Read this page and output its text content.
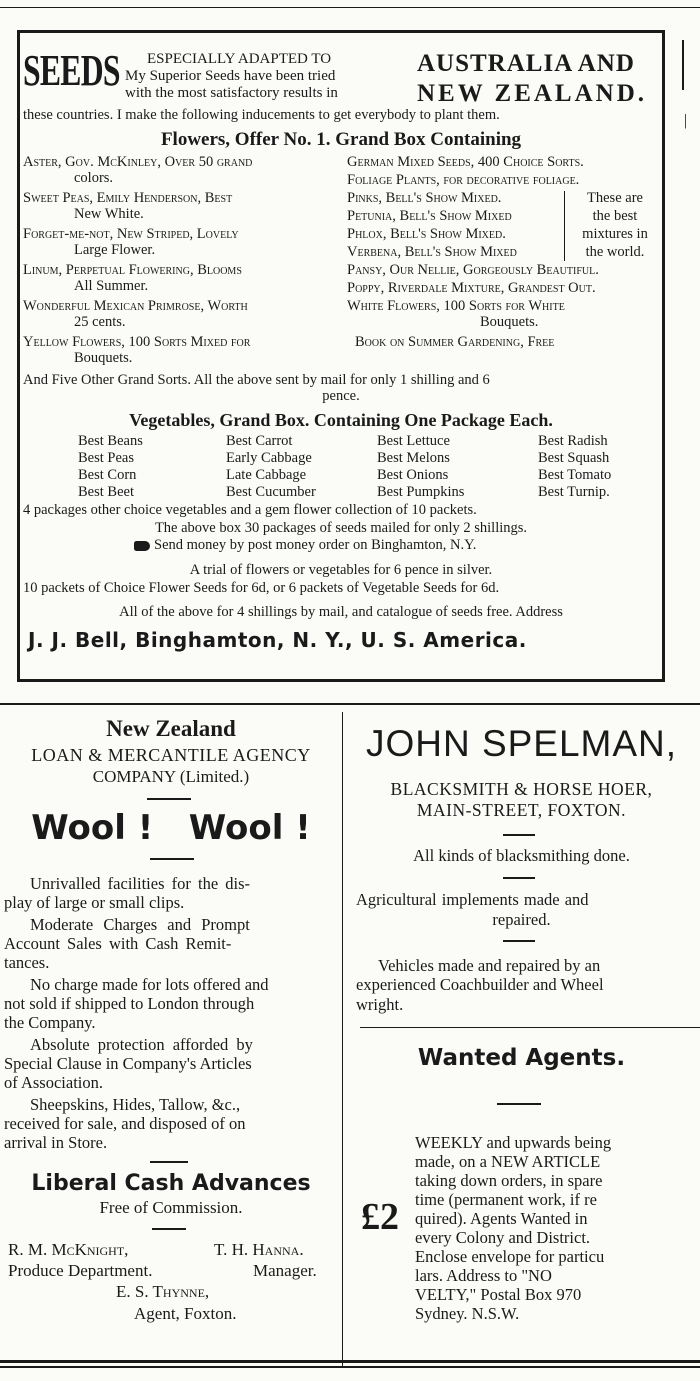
|
SEEDS ESPECIALLY ADAPTED TO
My Superior Seeds have been tried
with the most satisfactory results in
AUSTRALIA AND
NEW ZEALAND.
these countries. I make the following inducements to get everybody to plant them.
Flowers, Offer No. 1. Grand Box Containing
Aster, Gov. McKinley, Over 50 grand
colors.
Sweet Peas, Emily Henderson, Best
New White.
Forget-me-not, New Striped, Lovely
Large Flower.
Linum, Perpetual Flowering, Blooms
All Summer.
Wonderful Mexican Primrose, Worth
25 cents.
Yellow Flowers, 100 Sorts Mixed for
Bouquets.
German Mixed Seeds, 400 Choice Sorts.
Foliage Plants, for decorative foliage.
Pinks, Bell's Show Mixed.
Petunia, Bell's Show Mixed
Phlox, Bell's Show Mixed.
Verbena, Bell's Show Mixed
These are
the best
mixtures in
the world.
Pansy, Our Nellie, Gorgeously Beautiful.
Poppy, Riverdale Mixture, Grandest Out.
White Flowers, 100 Sorts for White
Bouquets.
Book on Summer Gardening, Free
And Five Other Grand Sorts. All the above sent by mail for only 1 shilling and 6
pence.
Vegetables, Grand Box. Containing One Package Each.
Best Beans	Best Carrot	Best Lettuce	Best Radish
Best Peas	Early Cabbage	Best Melons	Best Squash
Best Corn	Late Cabbage	Best Onions	Best Tomato
Best Beet	Best Cucumber	Best Pumpkins	Best Turnip.
4 packages other choice vegetables and a gem flower collection of 10 packets.
The above box 30 packages of seeds mailed for only 2 shillings.
Send money by post money order on Binghamton, N.Y.
A trial of flowers or vegetables for 6 pence in silver.
10 packets of Choice Flower Seeds for 6d, or 6 packets of Vegetable Seeds for 6d.
All of the above for 4 shillings by mail, and catalogue of seeds free. Address
J. J. Bell, Binghamton, N. Y., U. S. America.
New Zealand
LOAN & MERCANTILE AGENCY
COMPANY (Limited.)
Wool !   Wool !
Unrivalled facilities for the dis-
play of large or small clips.
Moderate Charges and Prompt
Account Sales with Cash Remit-
tances.
No charge made for lots offered and
not sold if shipped to London through
the Company.
Absolute protection afforded by
Special Clause in Company's Articles
of Association.
Sheepskins, Hides, Tallow, &c.,
received for sale, and disposed of on
arrival in Store.
Liberal Cash Advances
Free of Commission.
R. M. McKnight,	T. H. Hanna.
Produce Department.	Manager.
E. S. Thynne,
Agent, Foxton.
JOHN SPELMAN,
BLACKSMITH & HORSE HOER,
MAIN-STREET, FOXTON.
All kinds of blacksmithing done.
Agricultural implements made and
repaired.
Vehicles made and repaired by an
experienced Coachbuilder and Wheel
wright.
Wanted Agents.
WEEKLY and upwards being
£2
made, on a NEW ARTICLE
taking down orders, in spare
time (permanent work, if re
quired). Agents Wanted in
every Colony and District.
Enclose envelope for particu
lars. Address to "NO
VELTY," Postal Box 970
Sydney. N.S.W.
